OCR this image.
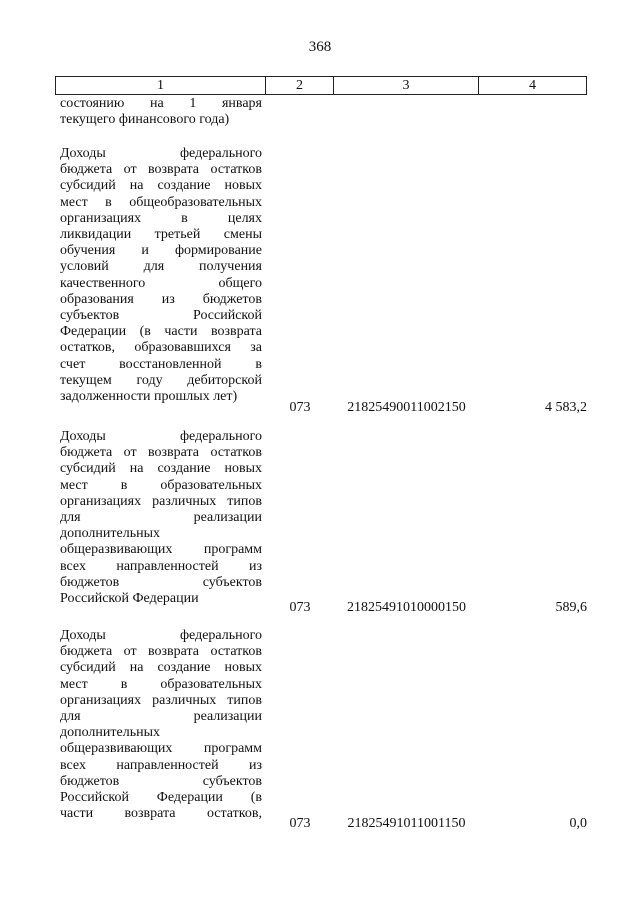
368
1	2	3	4
состоянию на 1 января
текущего финансового года)
Доходы	федерального
бюджета от возврата остатков
субсидий на создание новых
мест в общеобразовательных
организациях	в	целях
ликвидации третьей смены
обучения и формирование
условий для получения
качественного	общего
образования из бюджетов
субъектов	Российской
Федерации (в части возврата
остатков, образовавшихся за
счет восстановленной в
текущем году дебиторской
задолженности прошлых лет)
073	21825490011002150	4 583,2
Доходы	федерального
бюджета от возврата остатков
субсидий на создание новых
мест в образовательных
организациях различных типов
для	реализации
дополнительных
общеразвивающих программ
всех направленностей из
бюджетов	субъектов
Российской Федерации
073	21825491010000150	589,6
Доходы	федерального
бюджета от возврата остатков
субсидий на создание новых
мест в образовательных
организациях различных типов
для	реализации
дополнительных
общеразвивающих программ
всех направленностей из
бюджетов	субъектов
Российской Федерации (в
части возврата остатков,
073	21825491011001150	0,0
